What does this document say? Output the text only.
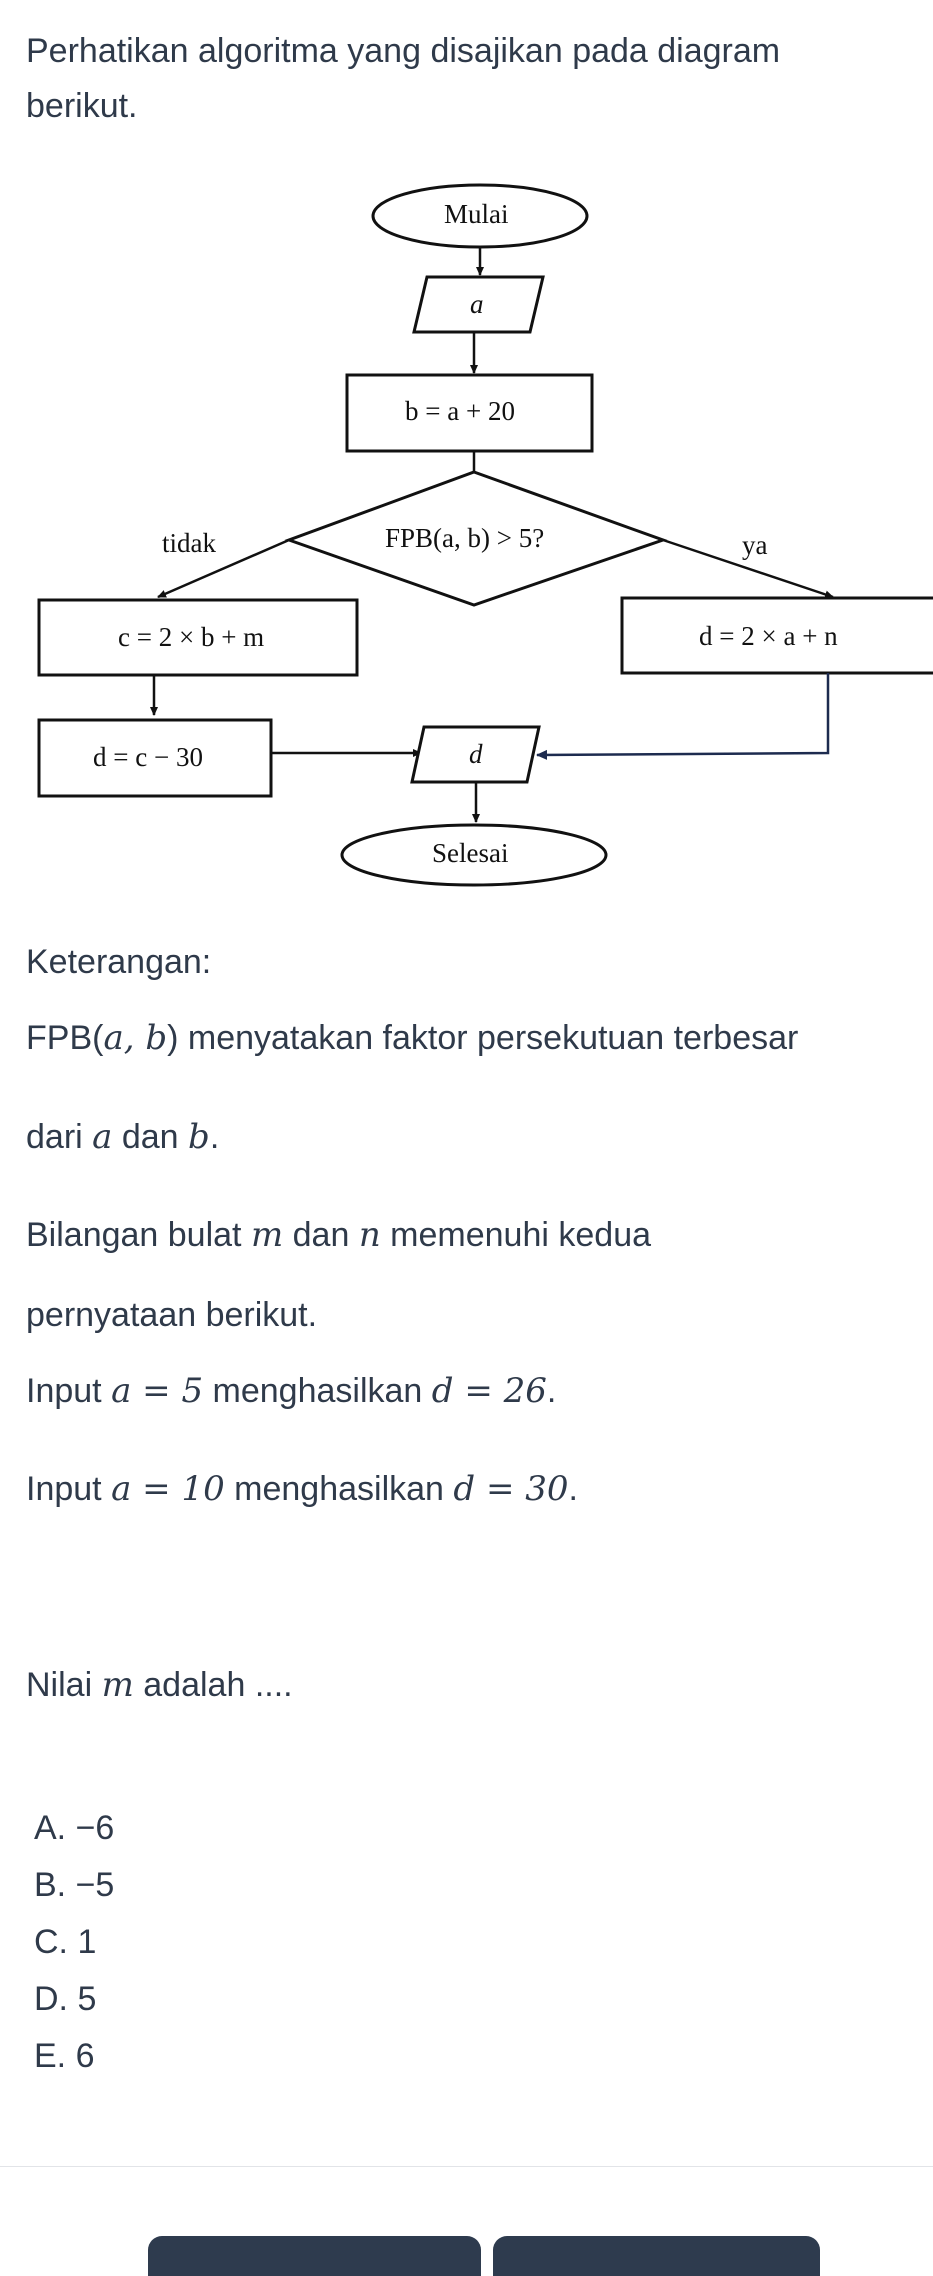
Perhatikan algoritma yang disajikan pada diagram
berikut.
Mulai
a
b = a + 20
FPB(a, b) > 5?
tidak	ya
c = 2 × b + m	d = 2 × a + n
d = c − 30	d
Selesai
Keterangan:
FPB(a, b) menyatakan faktor persekutuan terbesar
dari a dan b.
Bilangan bulat m dan n memenuhi kedua
pernyataan berikut.
Input a = 5 menghasilkan d = 26.
Input a = 10 menghasilkan d = 30.
Nilai m adalah ....
A. −6
B. −5
C. 1
D. 5
E. 6
